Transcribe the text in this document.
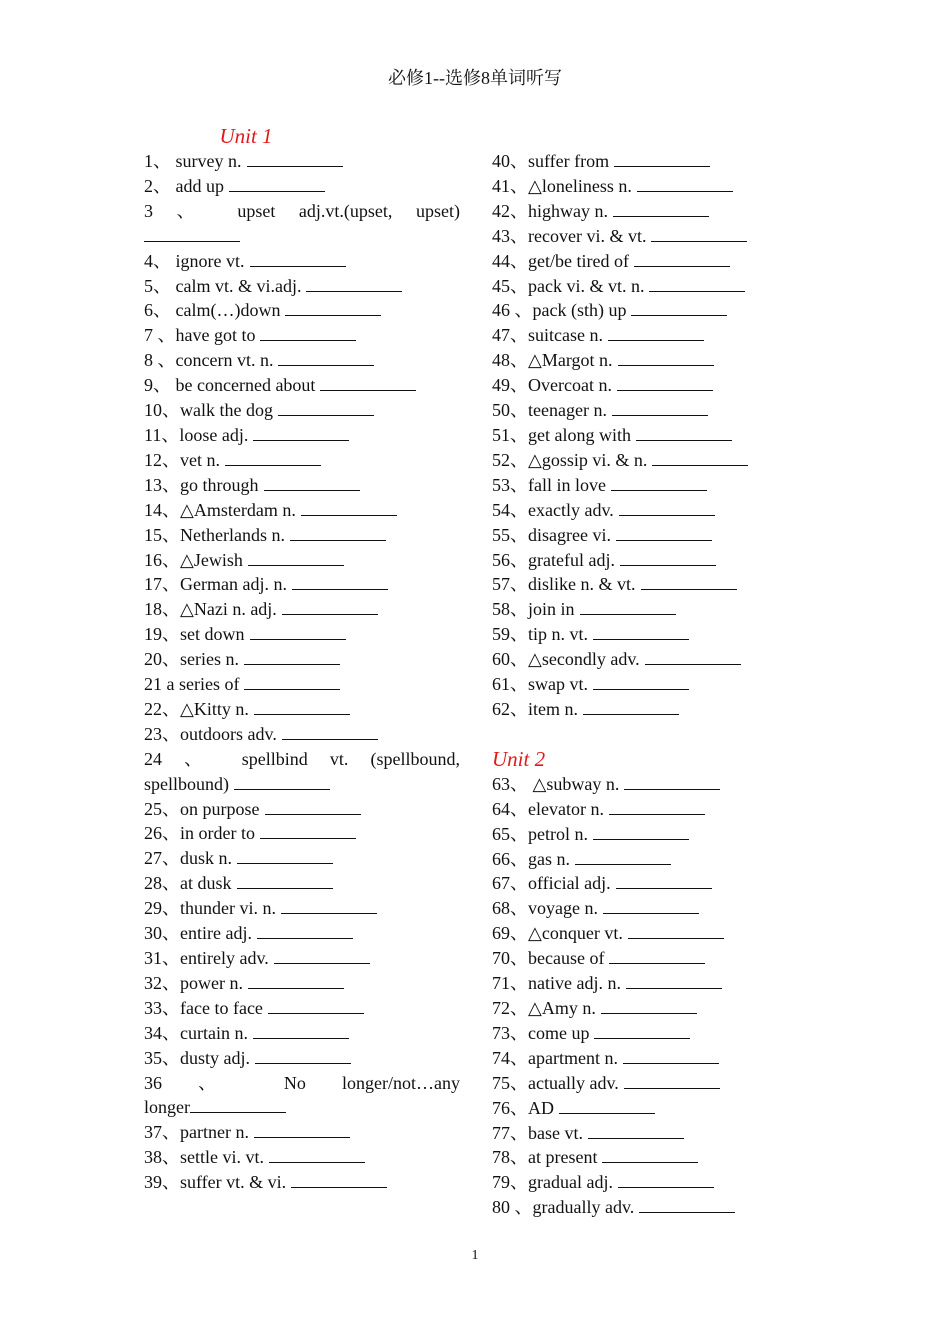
必修1--选修8单词听写
Unit 1
1、 survey n.
2、 add up
3 、 upset adj.vt.(upset, upset)
4、 ignore vt.
5、 calm vt. & vi.adj.
6、 calm(…)down
7 、have got to
8 、concern vt. n.
9、 be concerned about
10、walk the dog
11、loose adj.
12、vet n.
13、go through
14、△Amsterdam n.
15、Netherlands n.
16、△Jewish
17、German adj. n.
18、△Nazi n. adj.
19、set down
20、series n.
21 a series of
22、△Kitty n.
23、outdoors adv.
24 、 spellbind vt. (spellbound,
spellbound)
25、on purpose
26、in order to
27、dusk n.
28、at dusk
29、thunder vi. n.
30、entire adj.
31、entirely adv.
32、power n.
33、face to face
34、curtain n.
35、dusty adj.
36 、 No longer/not…any
longer
37、partner n.
38、settle vi. vt.
39、suffer vt. & vi.
40、suffer from
41、△loneliness n.
42、highway n.
43、recover vi. & vt.
44、get/be tired of
45、pack vi. & vt. n.
46 、pack (sth) up
47、suitcase n.
48、△Margot n.
49、Overcoat n.
50、teenager n.
51、get along with
52、△gossip vi. & n.
53、fall in love
54、exactly adv.
55、disagree vi.
56、grateful adj.
57、dislike n. & vt.
58、join in
59、tip n. vt.
60、△secondly adv.
61、swap vt.
62、item n.
Unit 2
63、 △subway n.
64、elevator n.
65、petrol n.
66、gas n.
67、official adj.
68、voyage n.
69、△conquer vt.
70、because of
71、native adj. n.
72、△Amy n.
73、come up
74、apartment n.
75、actually adv.
76、AD
77、base vt.
78、at present
79、gradual adj.
80 、gradually adv.
1
